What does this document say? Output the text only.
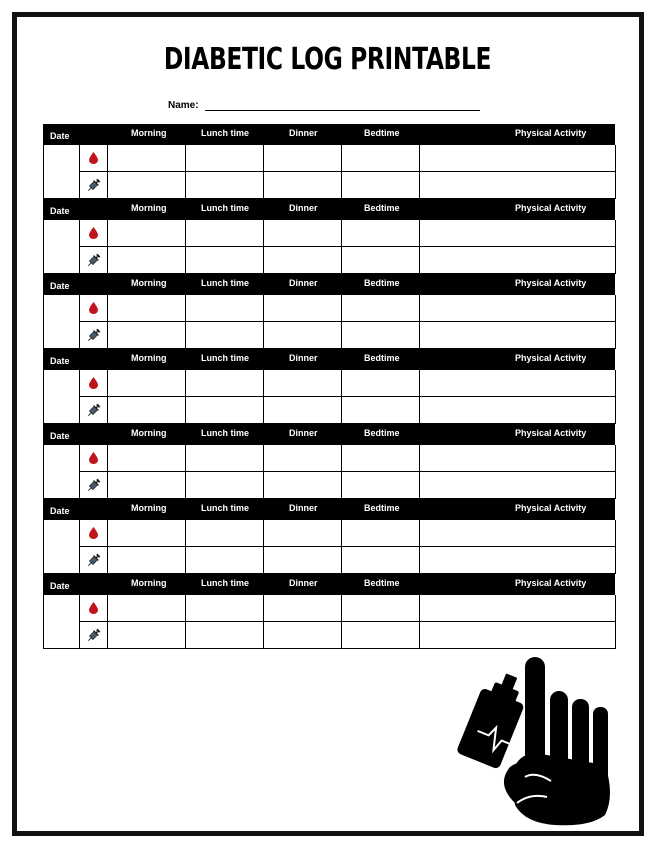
DIABETIC LOG PRINTABLE
Name:
Date	Morning	Lunch time	Dinner	Bedtime	Physical Activity
Date	Morning	Lunch time	Dinner	Bedtime	Physical Activity
Date	Morning	Lunch time	Dinner	Bedtime	Physical Activity
Date	Morning	Lunch time	Dinner	Bedtime	Physical Activity
Date	Morning	Lunch time	Dinner	Bedtime	Physical Activity
Date	Morning	Lunch time	Dinner	Bedtime	Physical Activity
Date	Morning	Lunch time	Dinner	Bedtime	Physical Activity
